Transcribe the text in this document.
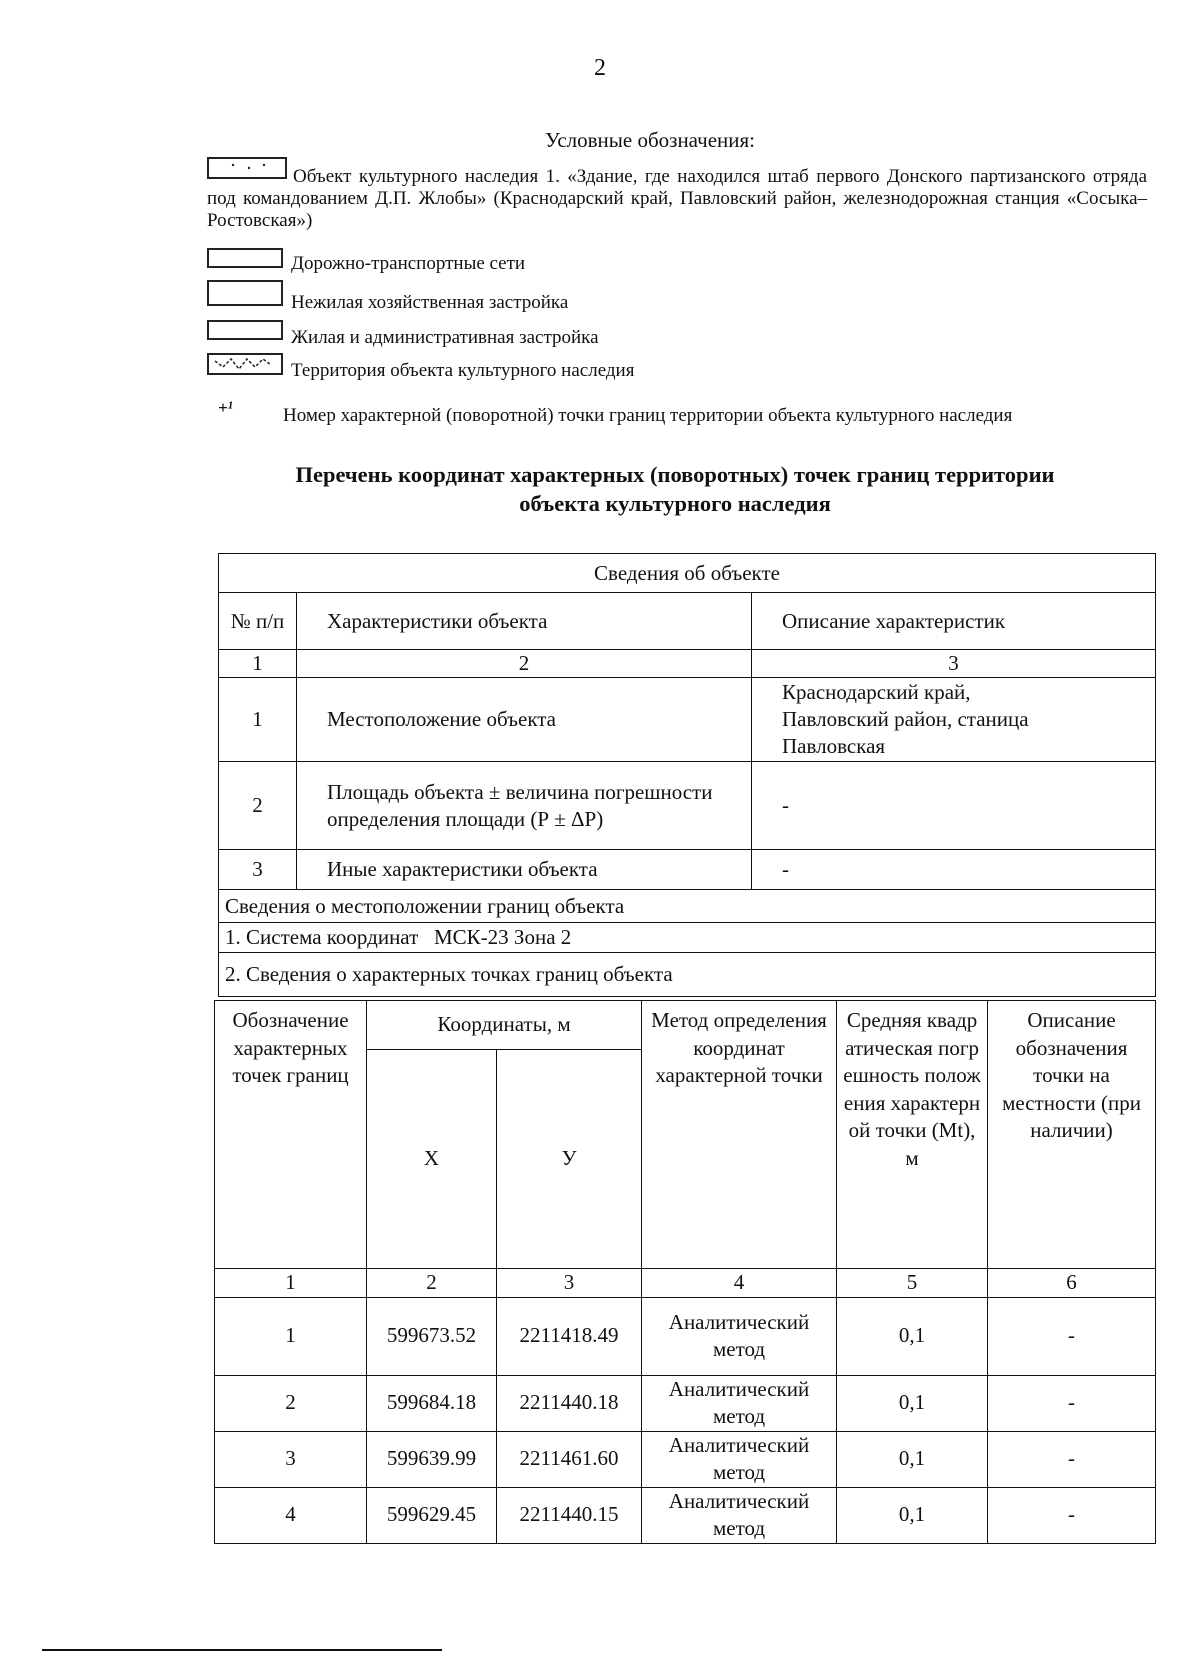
2
Условные обозначения:
Объект культурного наследия 1. «Здание, где находился штаб первого Донского партизанского отряда под командованием Д.П. Жлобы» (Краснодарский край, Павловский район, железнодорожная станция «Сосыка–Ростовская»)
Дорожно-транспортные сети
Нежилая хозяйственная застройка
Жилая и административная застройка
Территория объекта культурного наследия
+¹	Номер характерной (поворотной) точки границ территории объекта культурного наследия
Перечень координат характерных (поворотных) точек границ территории
объекта культурного наследия
Сведения об объекте		
№ п/п	Характеристики объекта	Описание характеристик
1	2	3
1	Местоположение объекта	Краснодарский край, Павловский район, станица Павловская
2	Площадь объекта ± величина погрешности определения площади (Р ± ΔР)	-
3	Иные характеристики объекта	-
Сведения о местоположении границ объекта		
1. Система координат   МСК-23 Зона 2		
2. Сведения о характерных точках границ объекта		
Обозначение характерных точек границ	Координаты, м		Метод определения координат характерной точки	Средняя квадратическая погрешность положения характерной точки (Mt), м	Описание обозначения точки на местности (при наличии)
	X	У			
1	2	3	4	5	6
1	599673.52	2211418.49	Аналитический метод	0,1	-
2	599684.18	2211440.18	Аналитический метод	0,1	-
3	599639.99	2211461.60	Аналитический метод	0,1	-
4	599629.45	2211440.15	Аналитический метод	0,1	-
